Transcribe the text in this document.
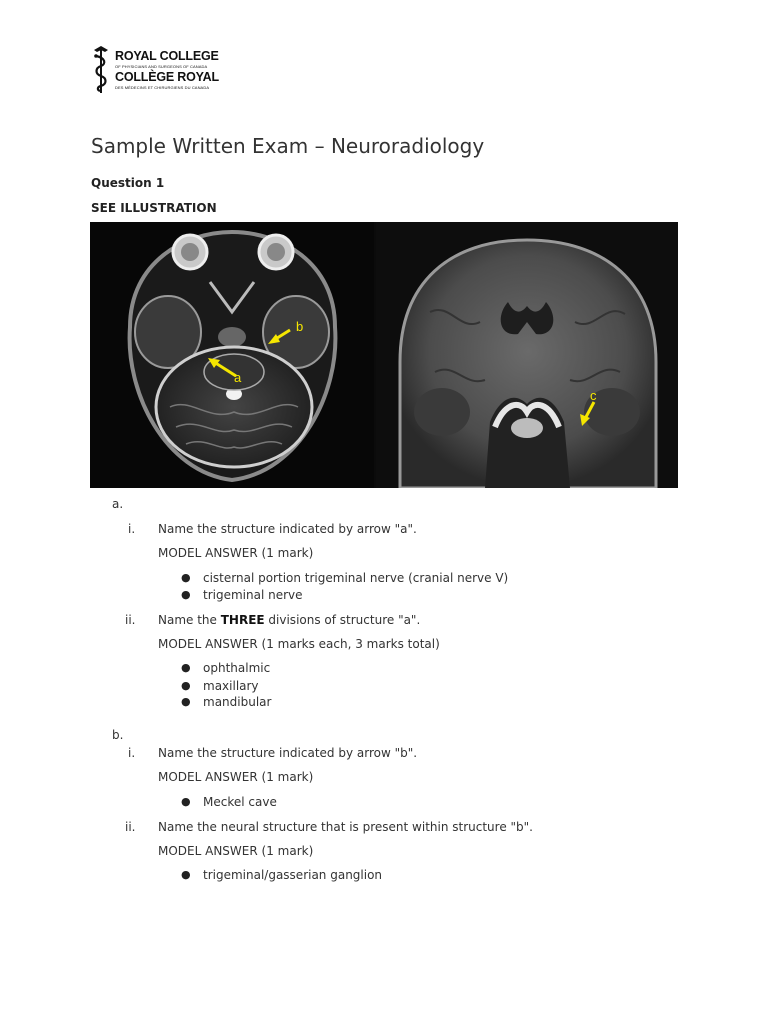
ROYAL COLLEGE
OF PHYSICIANS AND SURGEONS OF CANADA
COLLÈGE ROYAL
DES MÉDECINS ET CHIRURGIENS DU CANADA
Sample Written Exam – Neuroradiology
Question 1
SEE ILLUSTRATION
a
b
c
a.
i. Name the structure indicated by arrow "a".
MODEL ANSWER (1 mark)
● cisternal portion trigeminal nerve (cranial nerve V)
● trigeminal nerve
ii. Name the THREE divisions of structure "a".
MODEL ANSWER (1 marks each, 3 marks total)
● ophthalmic
● maxillary
● mandibular
b.
i. Name the structure indicated by arrow "b".
MODEL ANSWER (1 mark)
● Meckel cave
ii. Name the neural structure that is present within structure "b".
MODEL ANSWER (1 mark)
● trigeminal/gasserian ganglion
